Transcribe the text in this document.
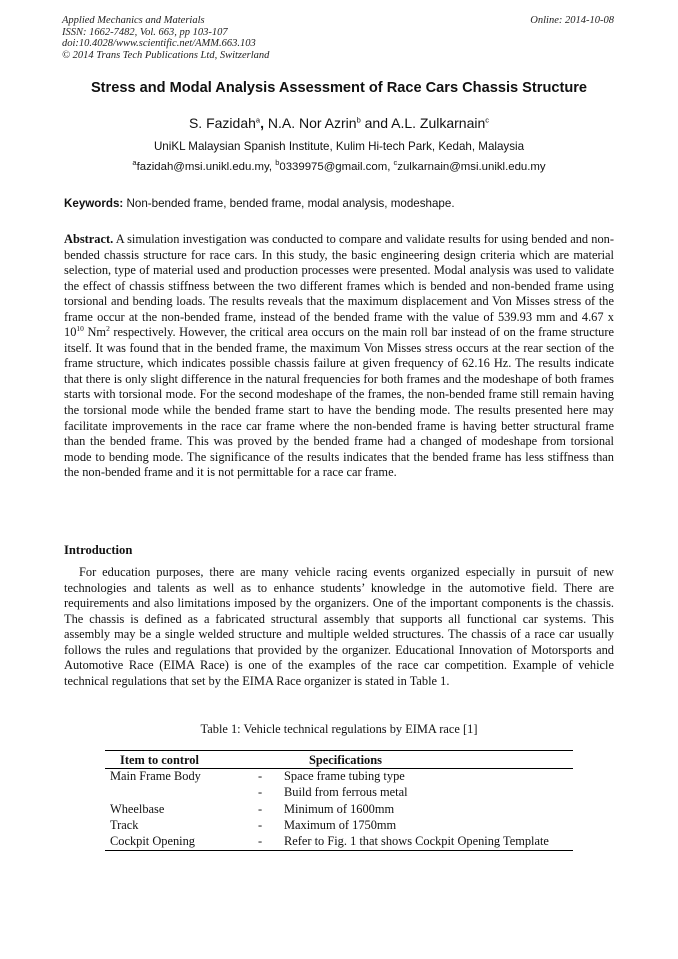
Applied Mechanics and Materials
ISSN: 1662-7482, Vol. 663, pp 103-107
doi:10.4028/www.scientific.net/AMM.663.103
© 2014 Trans Tech Publications Ltd, Switzerland
Online: 2014-10-08
Stress and Modal Analysis Assessment of Race Cars Chassis Structure
S. Fazidah$^a$, N.A. Nor Azrin$^b$ and A.L. Zulkarnain$^c$
UniKL Malaysian Spanish Institute, Kulim Hi-tech Park, Kedah, Malaysia
$^a$fazidah@msi.unikl.edu.my, $^b$0339975@gmail.com, $^c$zulkarnain@msi.unikl.edu.my
Keywords: Non-bended frame, bended frame, modal analysis, modeshape.
Abstract. A simulation investigation was conducted to compare and validate results for using bended and non-bended chassis structure for race cars. In this study, the basic engineering design criteria which are material selection, type of material used and production processes were presented. Modal analysis was used to validate the effect of chassis stiffness between the two different frames which is bended and non-bended frame using torsional and bending loads. The results reveals that the maximum displacement and Von Misses stress of the frame occur at the non-bended frame, instead of the bended frame with the value of 539.93 mm and 4.67 x $10^{10}$ Nm$^2$ respectively. However, the critical area occurs on the main roll bar instead of on the frame structure itself. It was found that in the bended frame, the maximum Von Misses stress occurs at the rear section of the frame structure, which indicates possible chassis failure at given frequency of 62.16 Hz. The results indicate that there is only slight difference in the natural frequencies for both frames and the modeshape of both frames starts with torsional mode. For the second modeshape of the frames, the non-bended frame still remain having the torsional mode while the bended frame start to have the bending mode. The results presented here may facilitate improvements in the race car frame where the non-bended frame is having better structural frame than the bended frame. This was proved by the bended frame had a changed of modeshape from torsional mode to bending mode. The significance of the results indicates that the bended frame has less stiffness than the non-bended frame and it is not permittable for a race car frame.
Introduction
For education purposes, there are many vehicle racing events organized especially in pursuit of new technologies and talents as well as to enhance students’ knowledge in the automotive field. There are requirements and also limitations imposed by the organizers. One of the important components is the chassis. The chassis is defined as a fabricated structural assembly that supports all functional car systems. This assembly may be a single welded structure and multiple welded structures. The chassis of a race car usually follows the rules and regulations that provided by the organizer. Educational Innovation of Motorsports and Automotive Race (EIMA Race) is one of the examples of the race car competition. Example of vehicle technical regulations that set by the EIMA Race organizer is stated in Table 1.
Table 1: Vehicle technical regulations by EIMA race [1]
Item to control		Specifications
Main Frame Body	-	Space frame tubing type
	-	Build from ferrous metal
Wheelbase	-	Minimum of 1600mm
Track	-	Maximum of 1750mm
Cockpit Opening	-	Refer to Fig. 1 that shows Cockpit Opening Template
